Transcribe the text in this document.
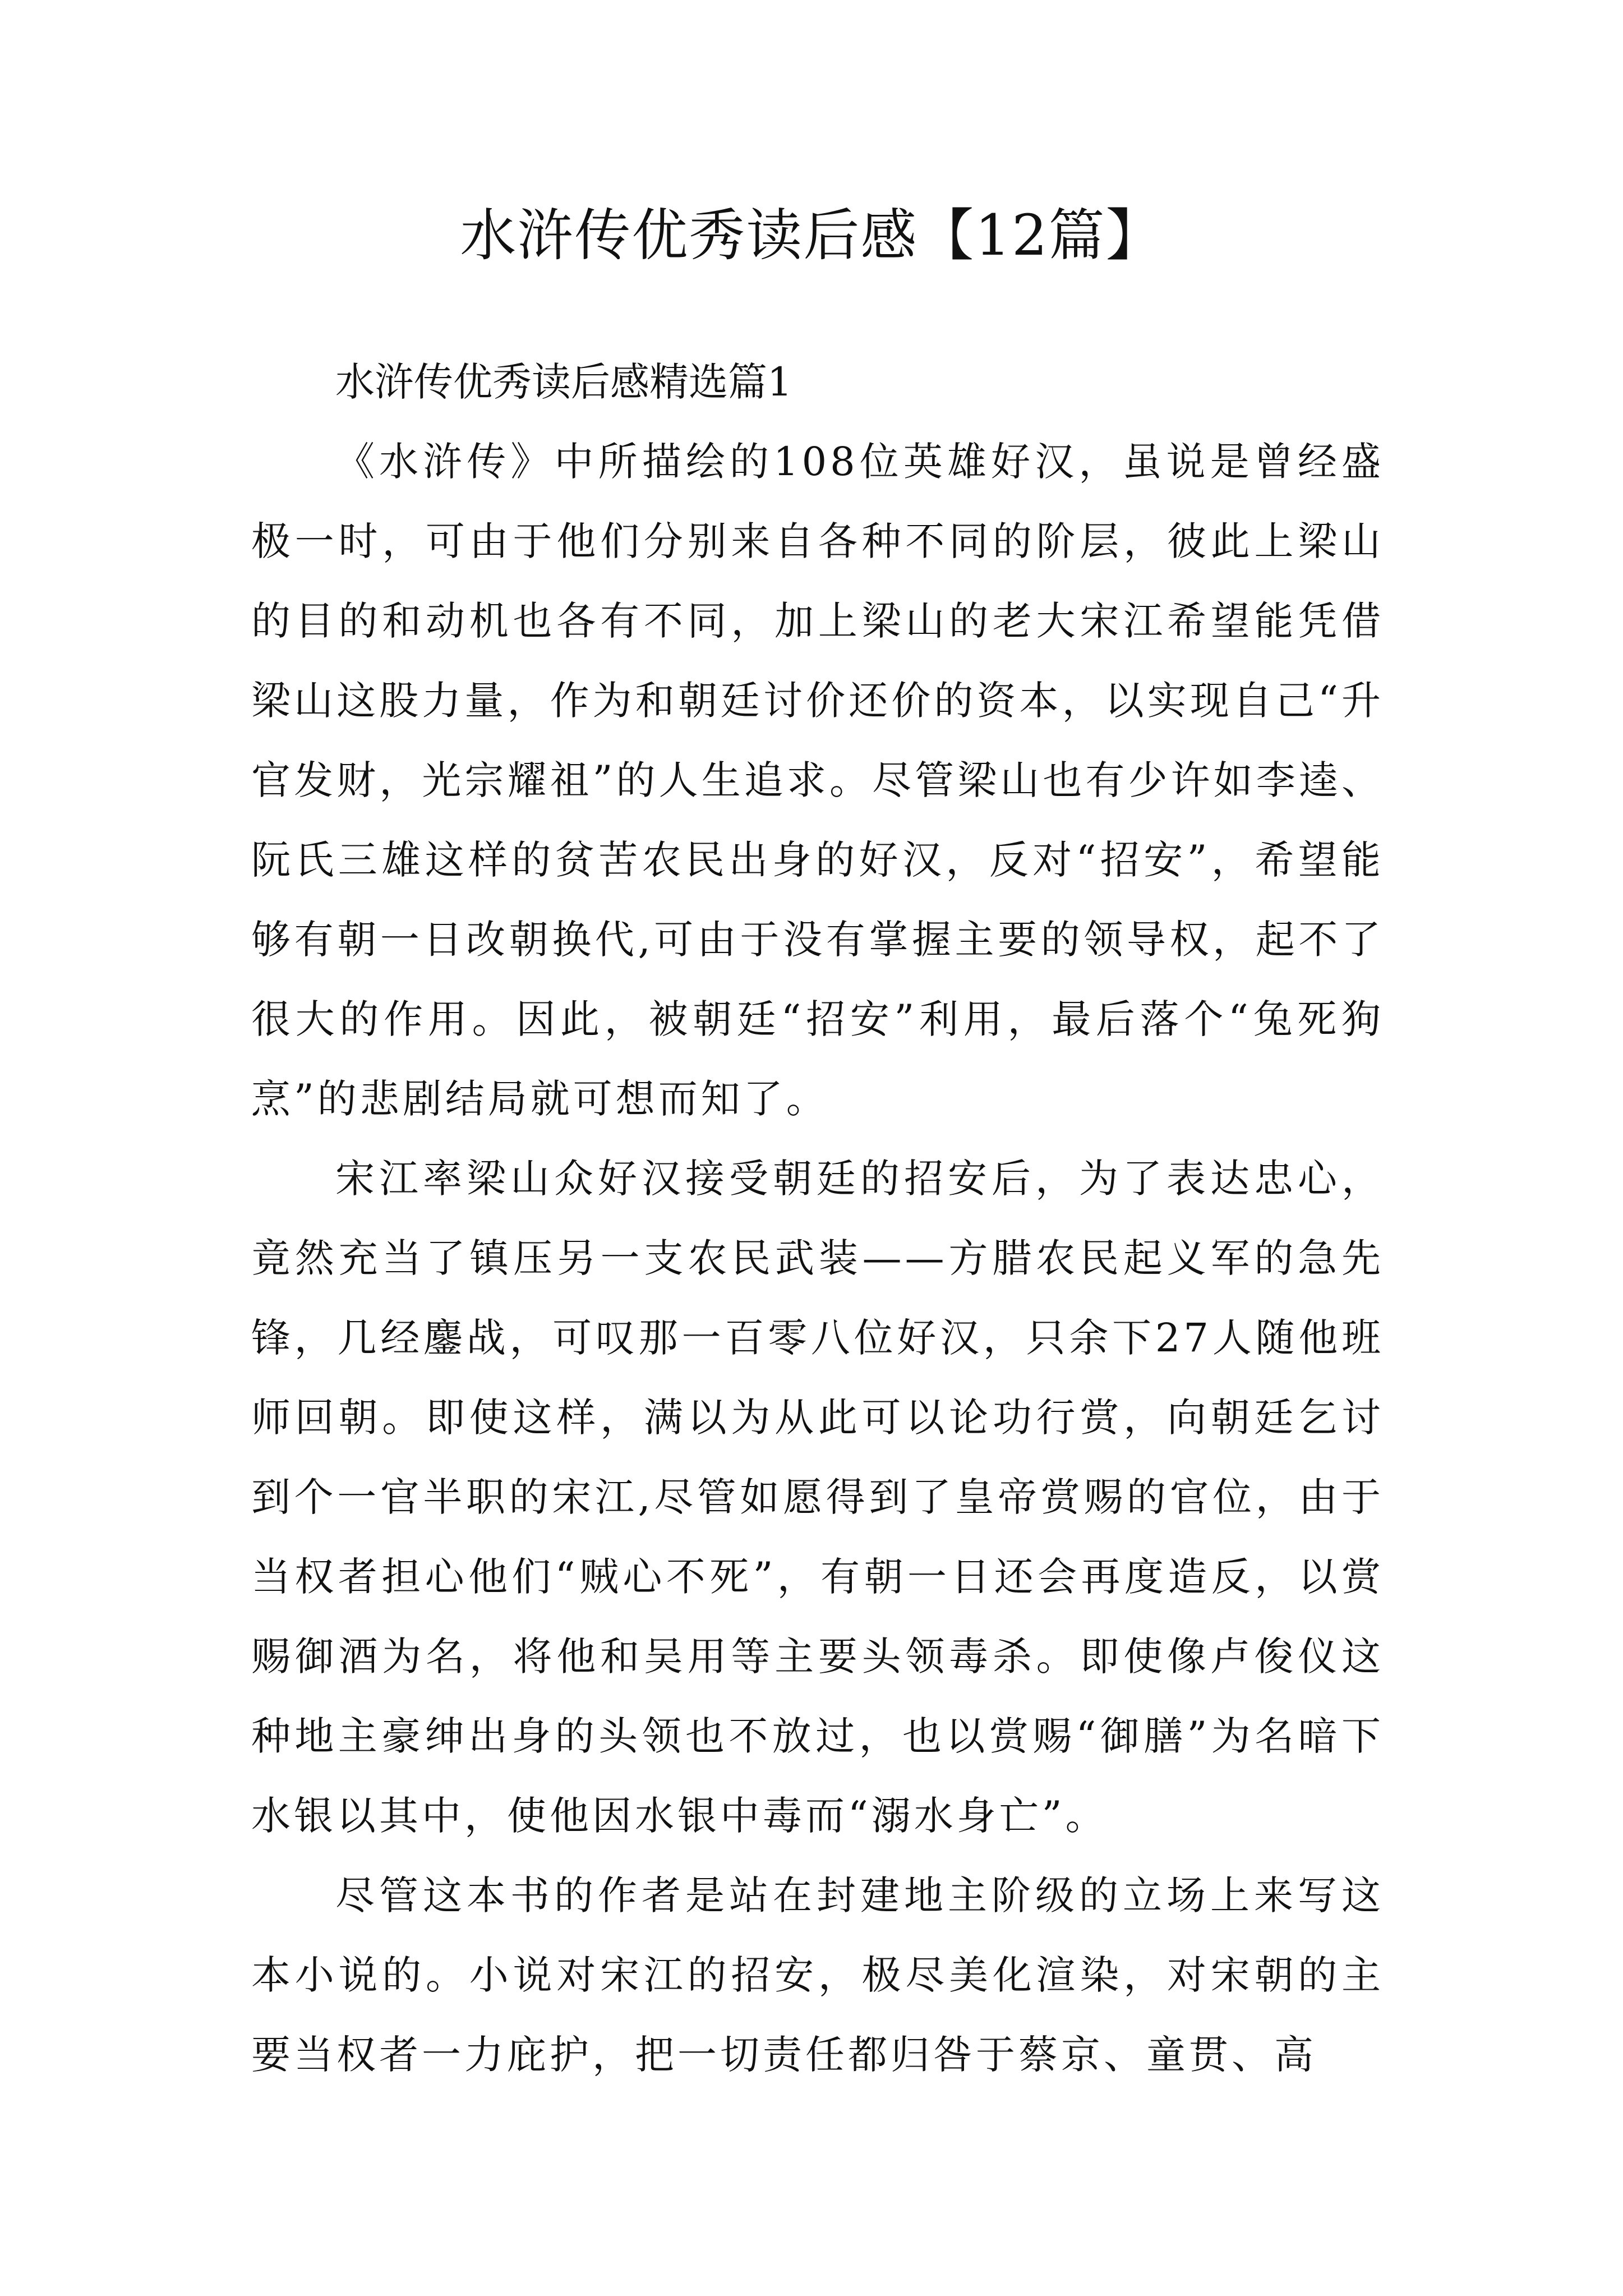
水浒传优秀读后感【12篇】

水浒传优秀读后感精选篇1

《水浒传》中所描绘的108位英雄好汉，虽说是曾经盛极一时，可由于他们分别来自各种不同的阶层，彼此上梁山的目的和动机也各有不同，加上梁山的老大宋江希望能凭借梁山这股力量，作为和朝廷讨价还价的资本，以实现自己“升官发财，光宗耀祖”的人生追求。尽管梁山也有少许如李逵、阮氏三雄这样的贫苦农民出身的好汉，反对“招安”，希望能够有朝一日改朝换代,可由于没有掌握主要的领导权，起不了很大的作用。因此，被朝廷“招安”利用，最后落个“兔死狗烹”的悲剧结局就可想而知了。

宋江率梁山众好汉接受朝廷的招安后，为了表达忠心，竟然充当了镇压另一支农民武装——方腊农民起义军的急先锋，几经鏖战，可叹那一百零八位好汉，只余下27人随他班师回朝。即使这样，满以为从此可以论功行赏，向朝廷乞讨到个一官半职的宋江,尽管如愿得到了皇帝赏赐的官位，由于当权者担心他们“贼心不死”，有朝一日还会再度造反，以赏赐御酒为名，将他和吴用等主要头领毒杀。即使像卢俊仪这种地主豪绅出身的头领也不放过，也以赏赐“御膳”为名暗下水银以其中，使他因水银中毒而“溺水身亡”。

尽管这本书的作者是站在封建地主阶级的立场上来写这本小说的。小说对宋江的招安，极尽美化渲染，对宋朝的主要当权者一力庇护，把一切责任都归咎于蔡京、童贯、高
